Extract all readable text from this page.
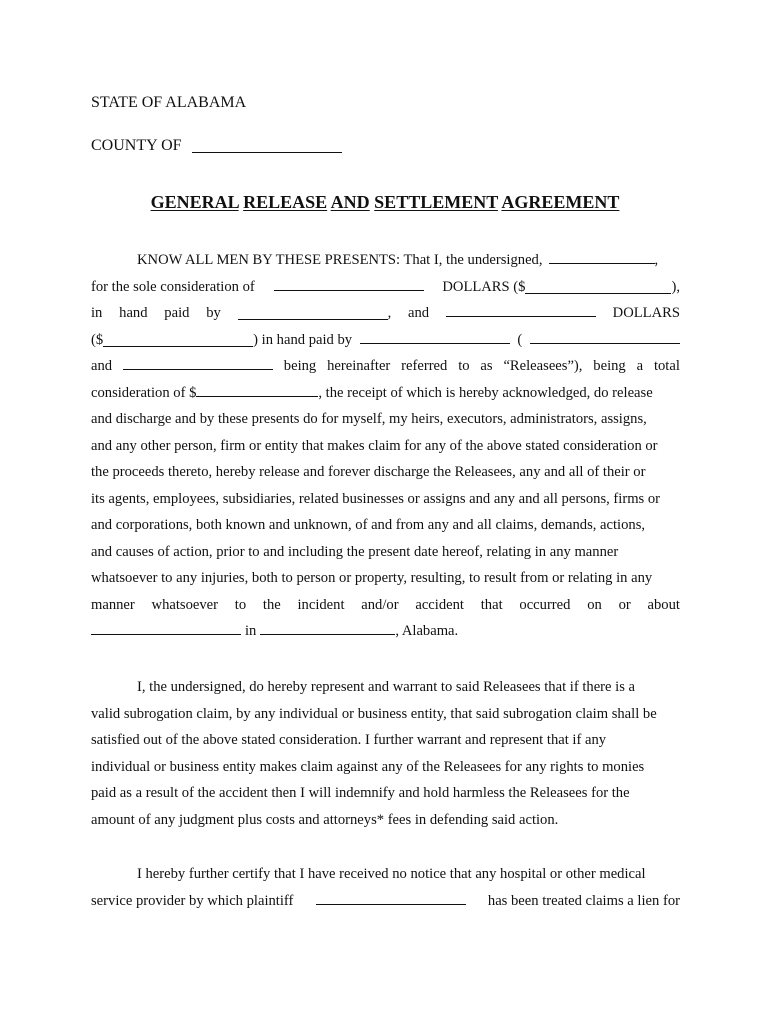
STATE OF ALABAMA
COUNTY OF
GENERAL RELEASE AND SETTLEMENT AGREEMENT
KNOW ALL MEN BY THESE PRESENTS: That I, the undersigned,	,
for the sole consideration of	DOLLARS ($	),
in hand paid by	, and	DOLLARS
($	) in hand paid by	(
and	being hereinafter referred to as “Releasees”), being a total
consideration of $	, the receipt of which is hereby acknowledged, do release
and discharge and by these presents do for myself, my heirs, executors, administrators, assigns,
and any other person, firm or entity that makes claim for any of the above stated consideration or
the proceeds thereto, hereby release and forever discharge the Releasees, any and all of their or
its agents, employees, subsidiaries, related businesses or assigns and any and all persons, firms or
and corporations, both known and unknown, of and from any and all claims, demands, actions,
and causes of action, prior to and including the present date hereof, relating in any manner
whatsoever to any injuries, both to person or property, resulting, to result from or relating in any
manner whatsoever to the incident and/or accident that occurred on or about
in	, Alabama.
I, the undersigned, do hereby represent and warrant to said Releasees that if there is a
valid subrogation claim, by any individual or business entity, that said subrogation claim shall be
satisfied out of the above stated consideration. I further warrant and represent that if any
individual or business entity makes claim against any of the Releasees for any rights to monies
paid as a result of the accident then I will indemnify and hold harmless the Releasees for the
amount of any judgment plus costs and attorneys* fees in defending said action.
I hereby further certify that I have received no notice that any hospital or other medical
service provider by which plaintiff	has been treated claims a lien for
